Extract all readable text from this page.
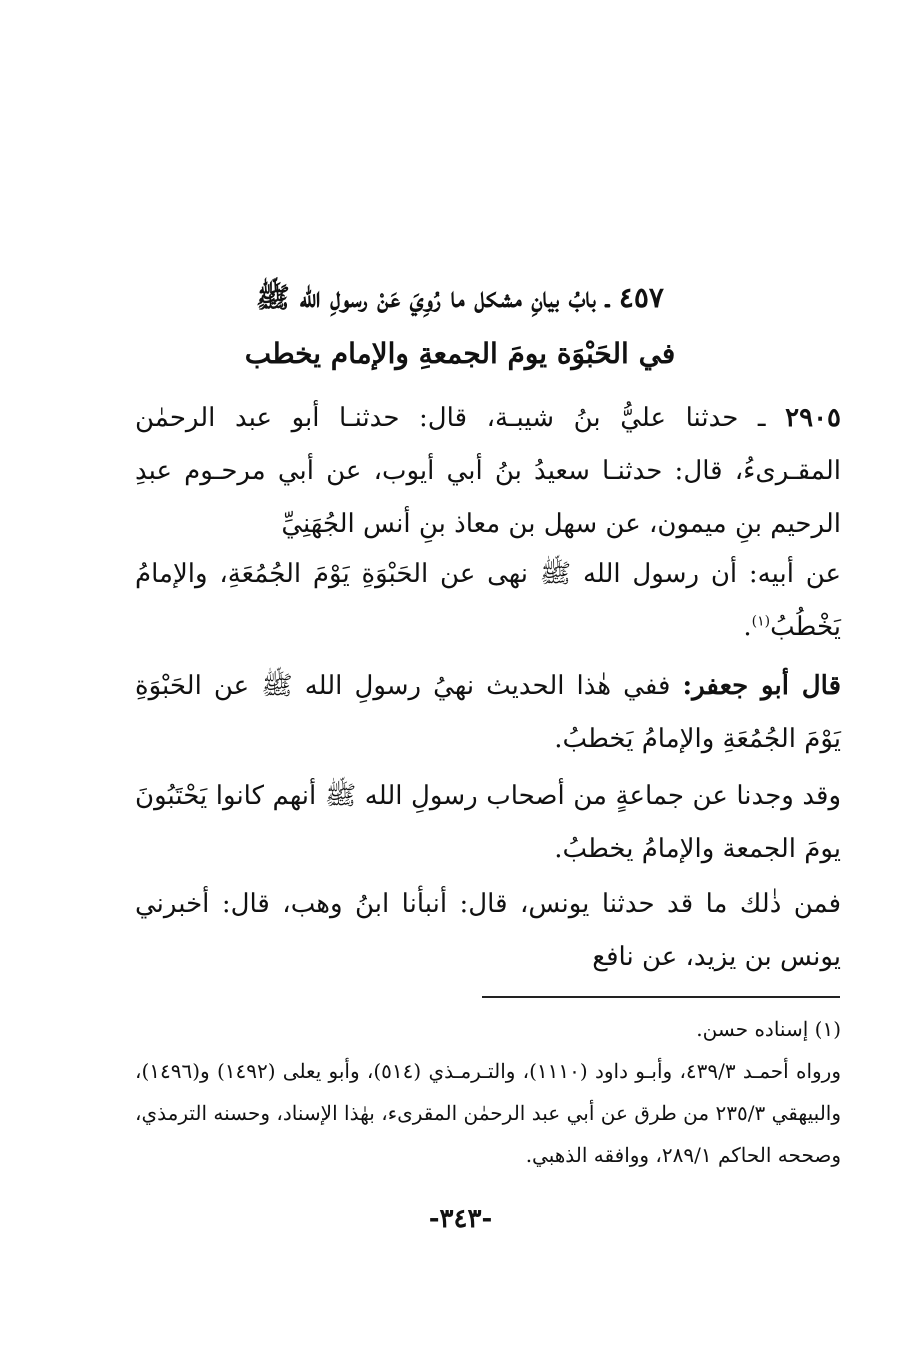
٤٥٧ ـ بابُ بيانِ مشكل ما رُوِيَ عَنْ رسولِ الله ﷺ
في الحَبْوَة يومَ الجمعةِ والإمام يخطب

٢٩٠٥ ـ حدثنا عليُّ بنُ شيبـة، قال: حدثنـا أبو عبد الرحمٰن المقـرىءُ، قال: حدثنـا سعيدُ بنُ أبي أيوب، عن أبي مرحـوم عبدِ الرحيم بنِ ميمون، عن سهل بن معاذ بنِ أنس الجُهَنِيِّ

عن أبيه: أن رسول الله ﷺ نهى عن الحَبْوَةِ يَوْمَ الجُمُعَةِ، والإمامُ يَخْطُبُ$^{(١)}$.

قال أبو جعفر: ففي هٰذا الحديث نهيُ رسولِ الله ﷺ عن الحَبْوَةِ يَوْمَ الجُمُعَةِ والإمامُ يَخطبُ.

وقد وجدنا عن جماعةٍ من أصحاب رسولِ الله ﷺ أنهم كانوا يَحْتَبُونَ يومَ الجمعة والإمامُ يخطبُ.

فمن ذٰلك ما قد حدثنا يونس، قال: أنبأنا ابنُ وهب، قال: أخبرني يونس بن يزيد، عن نافع

(١) إسناده حسن.

ورواه أحمـد ٤٣٩/٣، وأبـو داود (١١١٠)، والتـرمـذي (٥١٤)، وأبو يعلى (١٤٩٢) و(١٤٩٦)، والبيهقي ٢٣٥/٣ من طرق عن أبي عبد الرحمٰن المقرىء، بهٰذا الإسناد، وحسنه الترمذي، وصححه الحاكم ٢٨٩/١، ووافقه الذهبي.

-٣٤٣-
